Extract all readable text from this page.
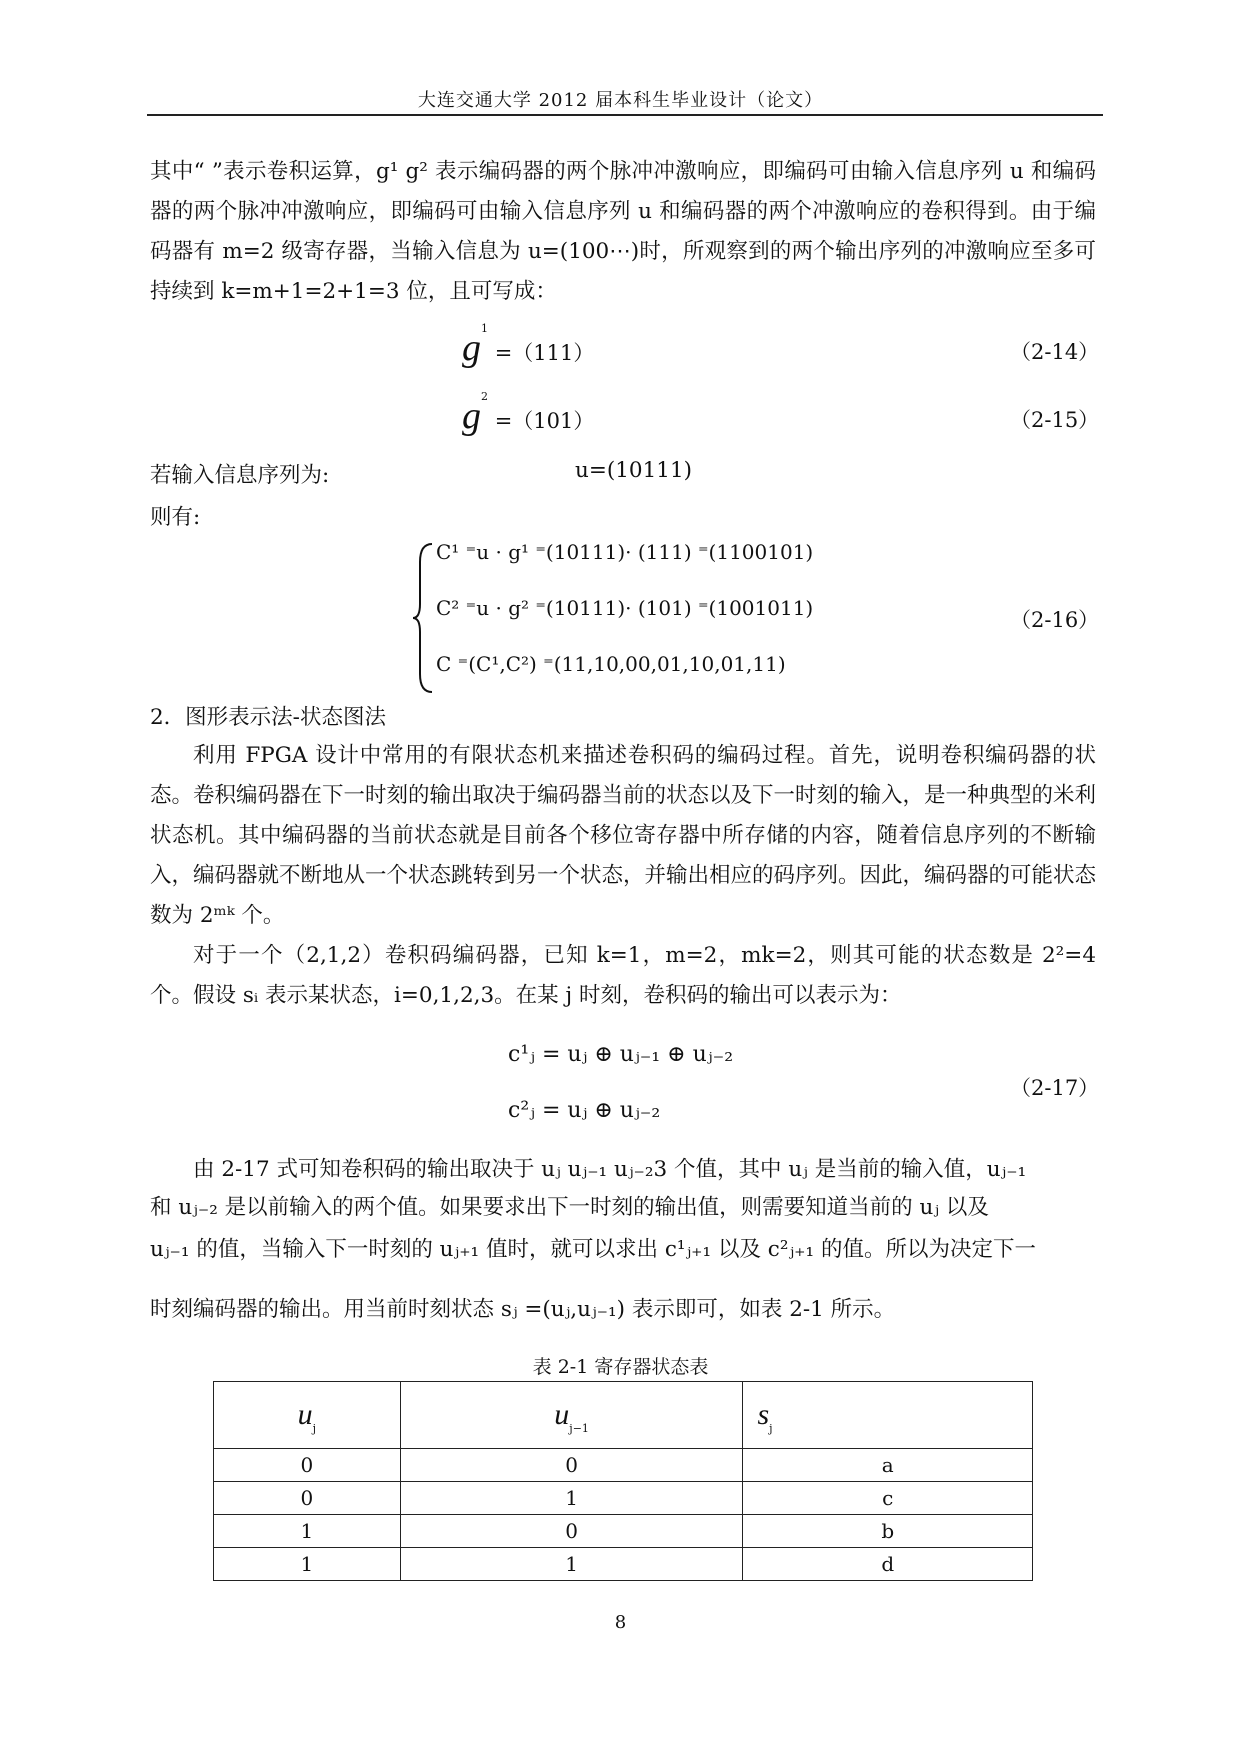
大连交通大学 2012 届本科生毕业设计（论文）
其中“ ”表示卷积运算，g¹ g² 表示编码器的两个脉冲冲激响应，即编码可由输入信息序列 u 和编码器的两个脉冲冲激响应，即编码可由输入信息序列 u 和编码器的两个冲激响应的卷积得到。由于编码器有 m=2 级寄存器，当输入信息为 u=(100⋯)时，所观察到的两个输出序列的冲激响应至多可持续到 k=m+1=2+1=3 位，且可写成：
$g^1 =(111)$	（2-14）
$g^2 =(101)$	（2-15）
若输入信息序列为:	u=(10111)
则有:
C¹ ⁼u · g¹ ⁼(10111)· (111) ⁼(1100101)
C² ⁼u · g² ⁼(10111)· (101) ⁼(1001011)
C ⁼(C¹,C²) ⁼(11,10,00,01,10,01,11)
（2-16）
2．图形表示法-状态图法
利用 FPGA 设计中常用的有限状态机来描述卷积码的编码过程。首先，说明卷积编码器的状态。卷积编码器在下一时刻的输出取决于编码器当前的状态以及下一时刻的输入，是一种典型的米利状态机。其中编码器的当前状态就是目前各个移位寄存器中所存储的内容，随着信息序列的不断输入，编码器就不断地从一个状态跳转到另一个状态，并输出相应的码序列。因此，编码器的可能状态数为 2ᵐᵏ 个。
对于一个（2,1,2）卷积码编码器，已知 k=1，m=2，mk=2，则其可能的状态数是 2²=4个。假设 sᵢ 表示某状态，i=0,1,2,3。在某 j 时刻，卷积码的输出可以表示为：
c¹ⱼ = uⱼ ⊕ uⱼ₋₁ ⊕ uⱼ₋₂
c²ⱼ = uⱼ ⊕ uⱼ₋₂
（2-17）
由 2-17 式可知卷积码的输出取决于 uⱼ uⱼ₋₁ uⱼ₋₂3 个值，其中 uⱼ 是当前的输入值，uⱼ₋₁
和 uⱼ₋₂ 是以前输入的两个值。如果要求出下一时刻的输出值，则需要知道当前的 uⱼ 以及
uⱼ₋₁ 的值，当输入下一时刻的 uⱼ₊₁ 值时，就可以求出 c¹ⱼ₊₁ 以及 c²ⱼ₊₁ 的值。所以为决定下一
时刻编码器的输出。用当前时刻状态 sⱼ =(uⱼ,uⱼ₋₁) 表示即可，如表 2-1 所示。
表 2-1 寄存器状态表
uj	uj−1	sj
0	0	a
0	1	c
1	0	b
1	1	d
8
